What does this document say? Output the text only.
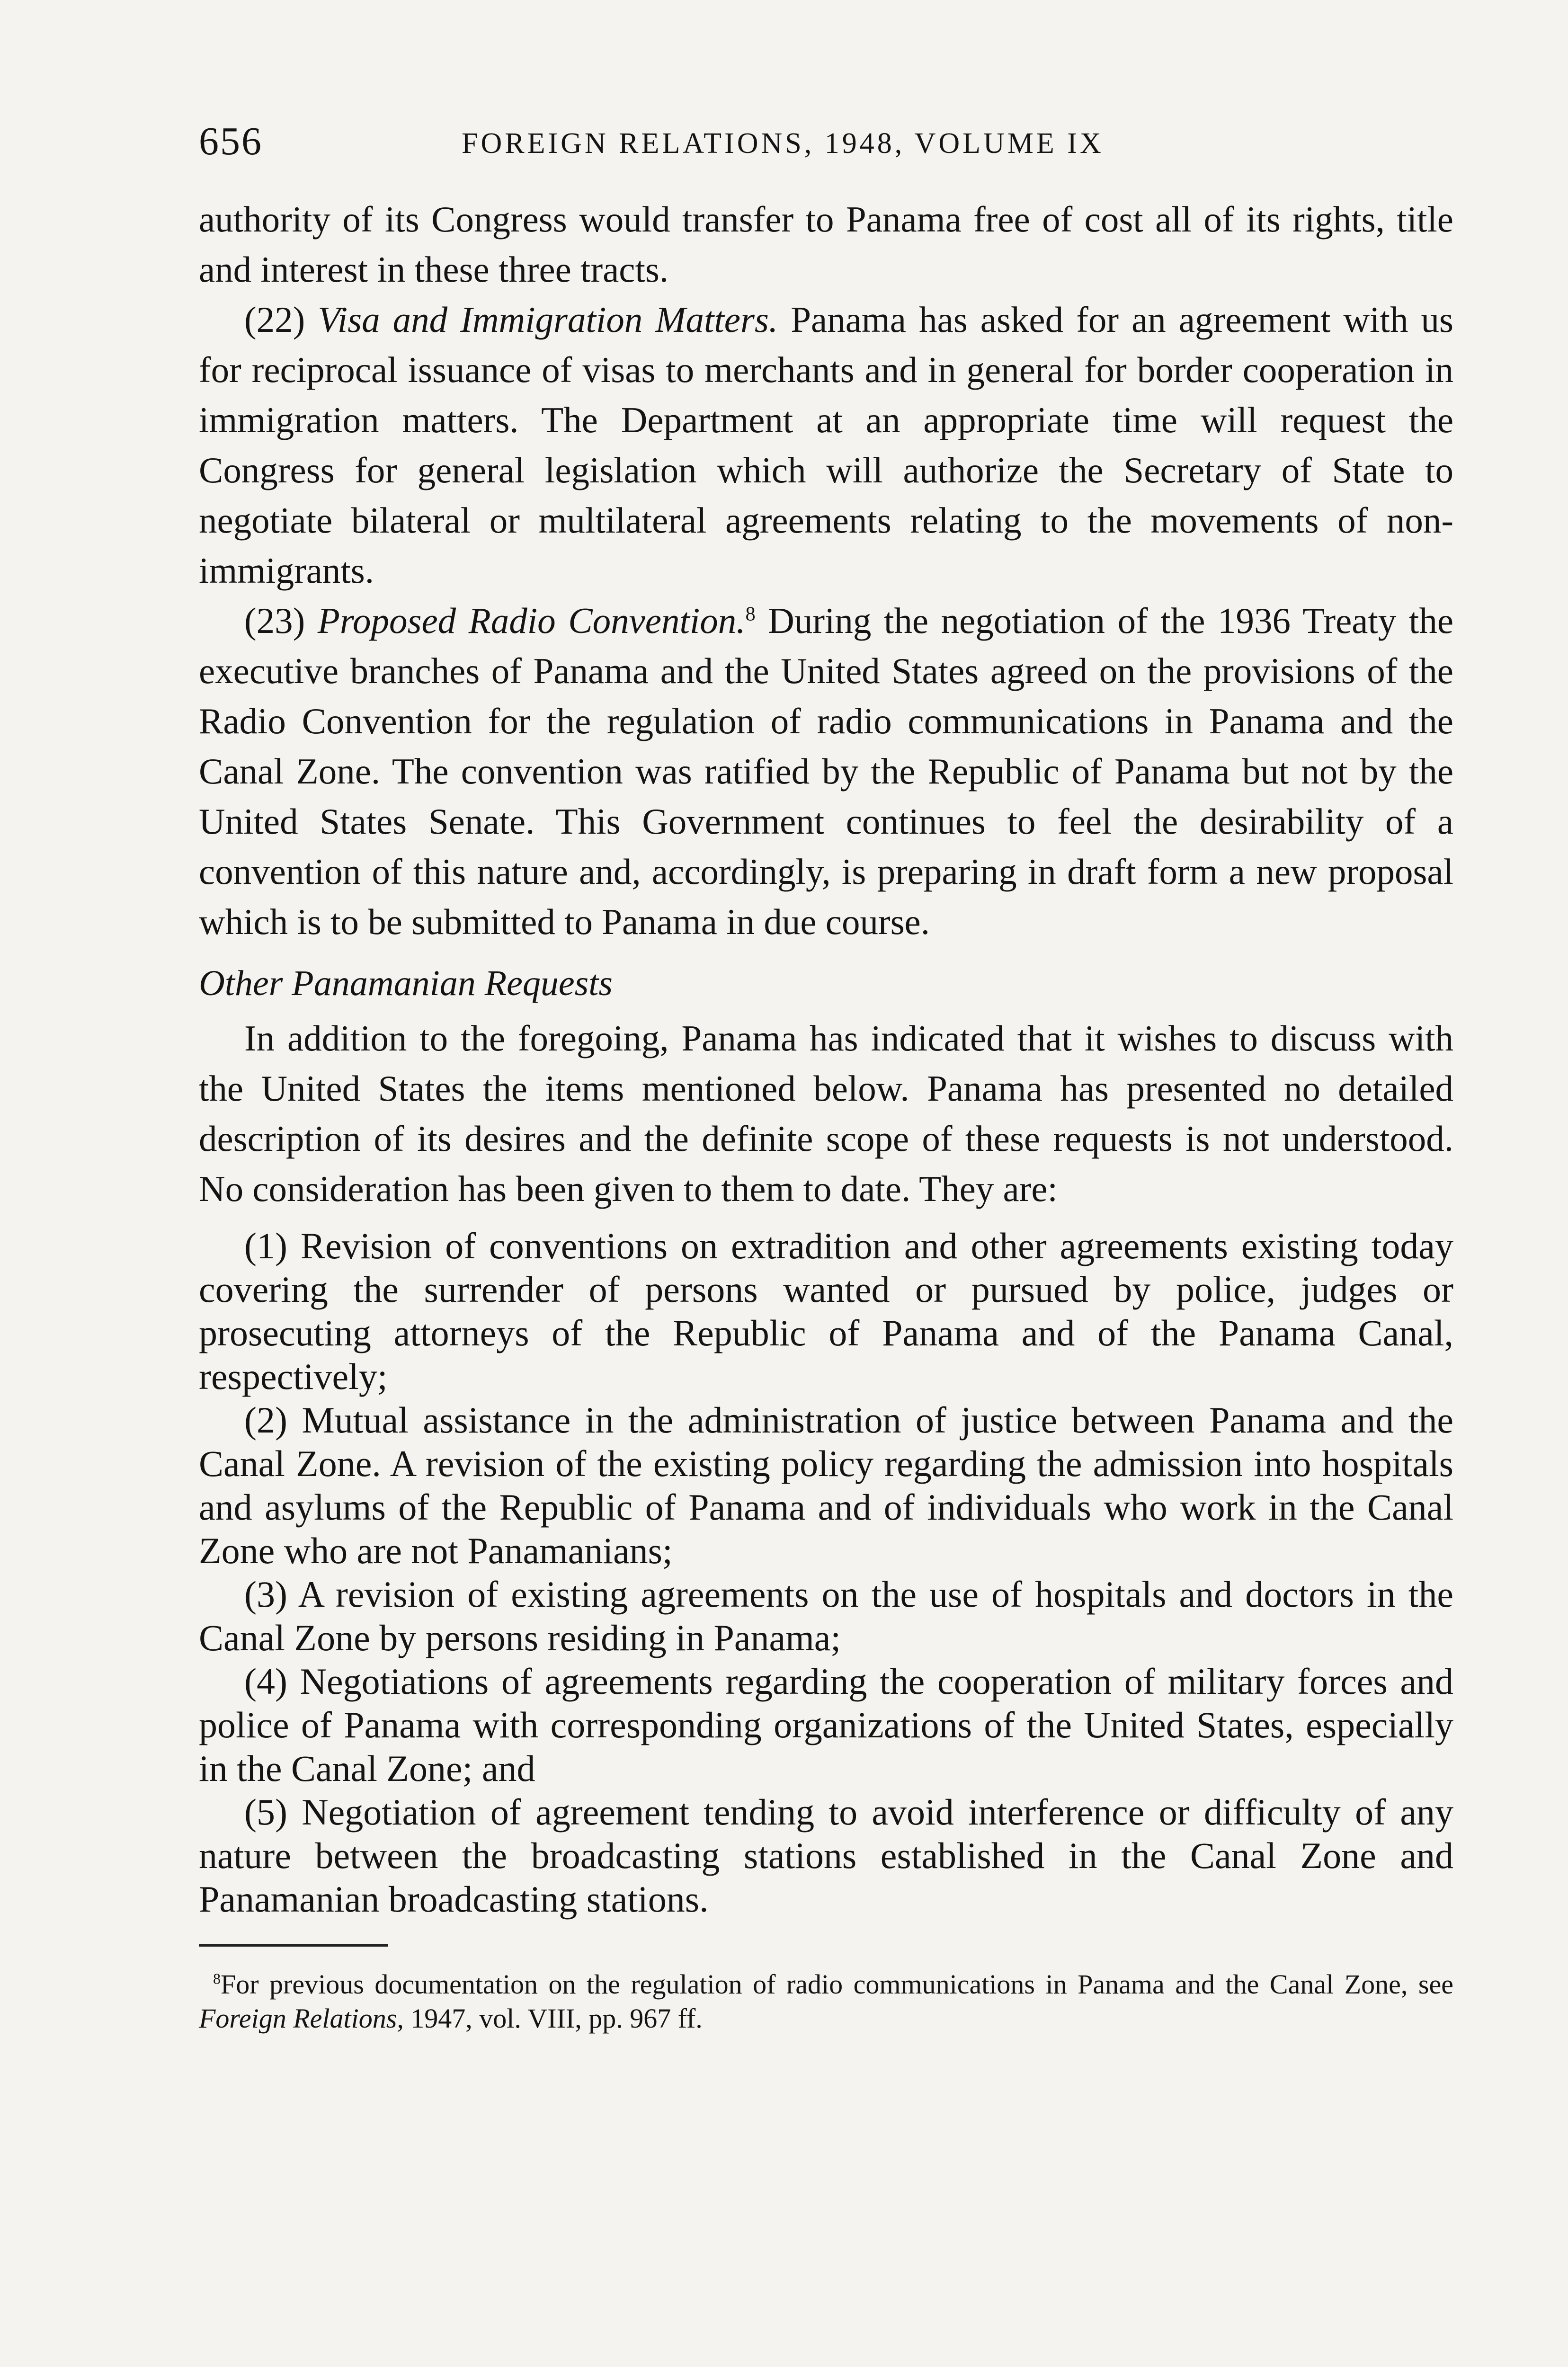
656	FOREIGN RELATIONS, 1948, VOLUME IX

authority of its Congress would transfer to Panama free of cost all of its rights, title and interest in these three tracts.

(22) Visa and Immigration Matters. Panama has asked for an agreement with us for reciprocal issuance of visas to merchants and in general for border cooperation in immigration matters. The Department at an appropriate time will request the Congress for general legislation which will authorize the Secretary of State to negotiate bilateral or multilateral agreements relating to the movements of non-immigrants.

(23) Proposed Radio Convention.$^8$ During the negotiation of the 1936 Treaty the executive branches of Panama and the United States agreed on the provisions of the Radio Convention for the regulation of radio communications in Panama and the Canal Zone. The convention was ratified by the Republic of Panama but not by the United States Senate. This Government continues to feel the desirability of a convention of this nature and, accordingly, is preparing in draft form a new proposal which is to be submitted to Panama in due course.

Other Panamanian Requests

In addition to the foregoing, Panama has indicated that it wishes to discuss with the United States the items mentioned below. Panama has presented no detailed description of its desires and the definite scope of these requests is not understood. No consideration has been given to them to date. They are:

(1) Revision of conventions on extradition and other agreements existing today covering the surrender of persons wanted or pursued by police, judges or prosecuting attorneys of the Republic of Panama and of the Panama Canal, respectively;

(2) Mutual assistance in the administration of justice between Panama and the Canal Zone. A revision of the existing policy regarding the admission into hospitals and asylums of the Republic of Panama and of individuals who work in the Canal Zone who are not Panamanians;

(3) A revision of existing agreements on the use of hospitals and doctors in the Canal Zone by persons residing in Panama;

(4) Negotiations of agreements regarding the cooperation of military forces and police of Panama with corresponding organizations of the United States, especially in the Canal Zone; and

(5) Negotiation of agreement tending to avoid interference or difficulty of any nature between the broadcasting stations established in the Canal Zone and Panamanian broadcasting stations.

$^8$For previous documentation on the regulation of radio communications in Panama and the Canal Zone, see Foreign Relations, 1947, vol. VIII, pp. 967 ff.
